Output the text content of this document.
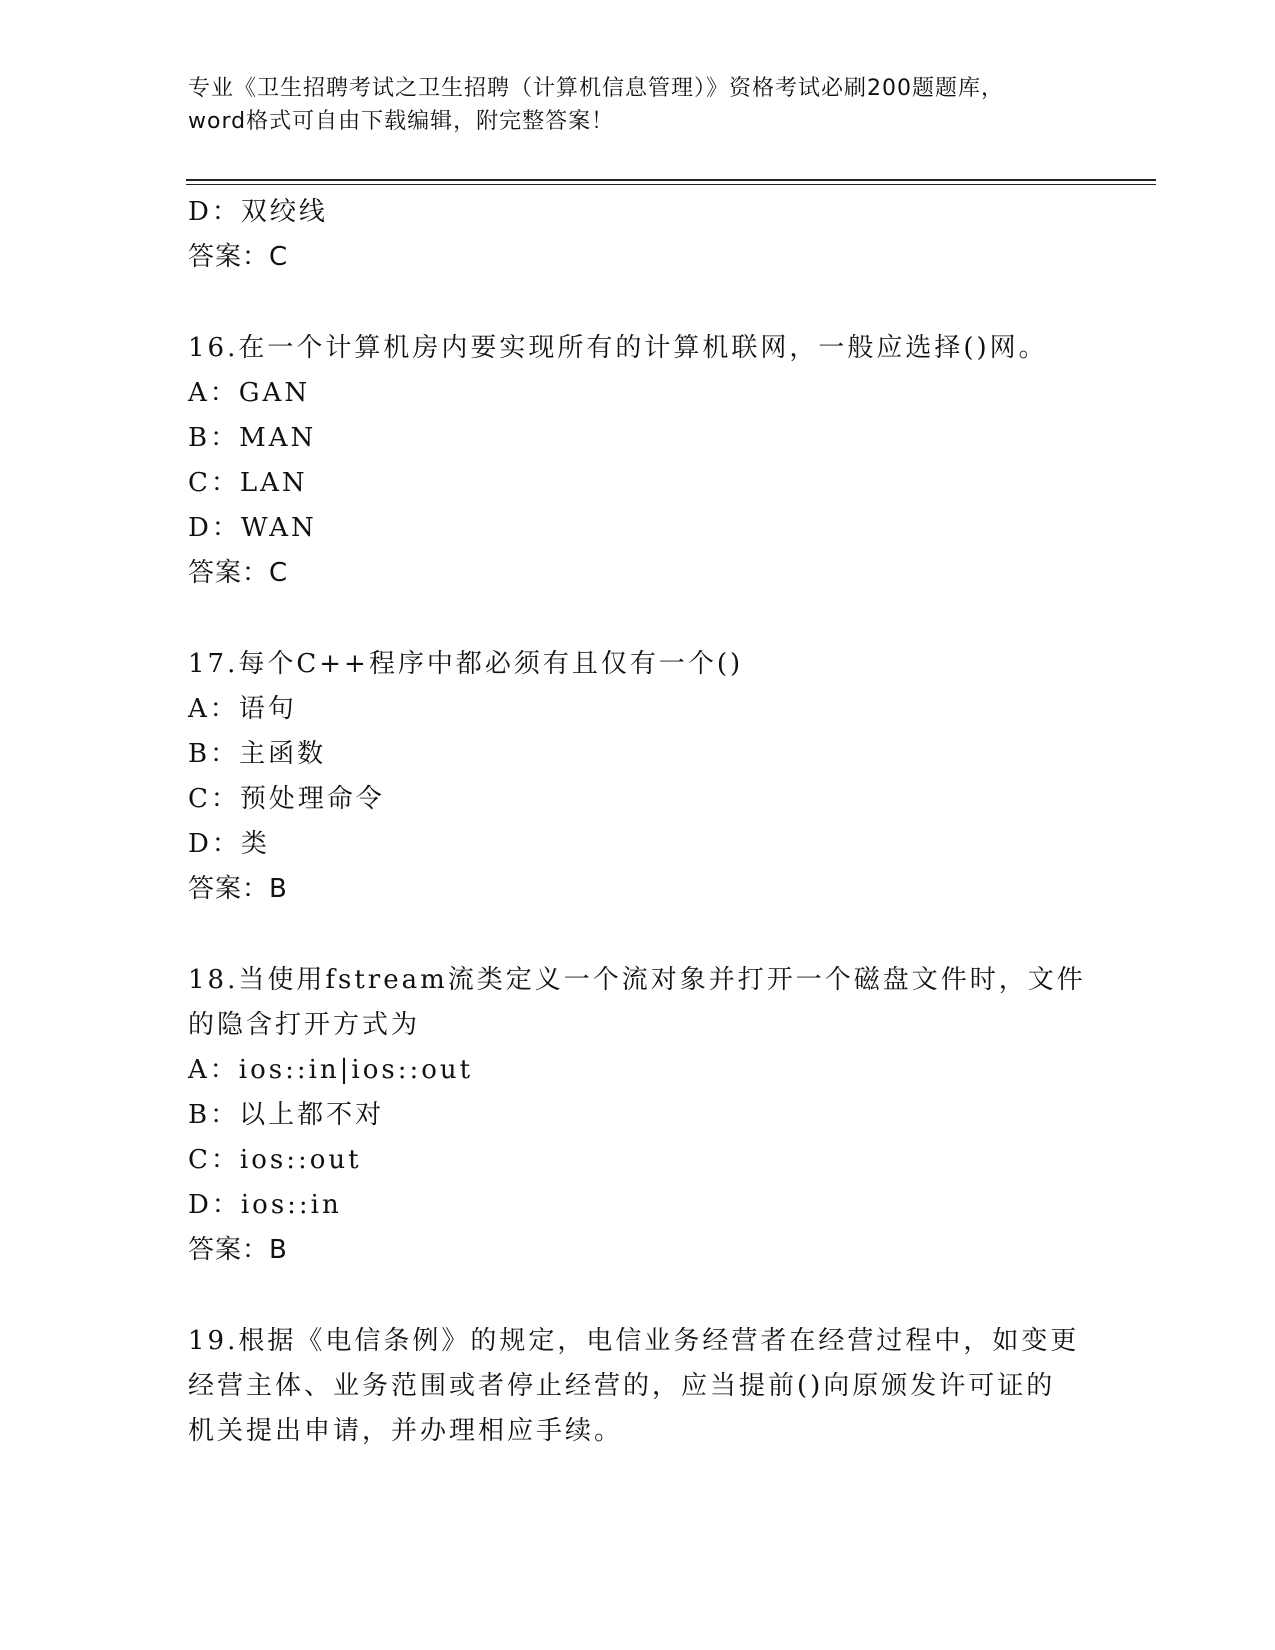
专业《卫生招聘考试之卫生招聘（计算机信息管理）》资格考试必刷200题题库，
word格式可自由下载编辑，附完整答案！
D：双绞线
答案：C
16.在一个计算机房内要实现所有的计算机联网，一般应选择()网。
A：GAN
B：MAN
C：LAN
D：WAN
答案：C
17.每个C++程序中都必须有且仅有一个()
A：语句
B：主函数
C：预处理命令
D：类
答案：B
18.当使用fstream流类定义一个流对象并打开一个磁盘文件时，文件
的隐含打开方式为
A：ios::in|ios::out
B：以上都不对
C：ios::out
D：ios::in
答案：B
19.根据《电信条例》的规定，电信业务经营者在经营过程中，如变更
经营主体、业务范围或者停止经营的，应当提前()向原颁发许可证的
机关提出申请，并办理相应手续。
